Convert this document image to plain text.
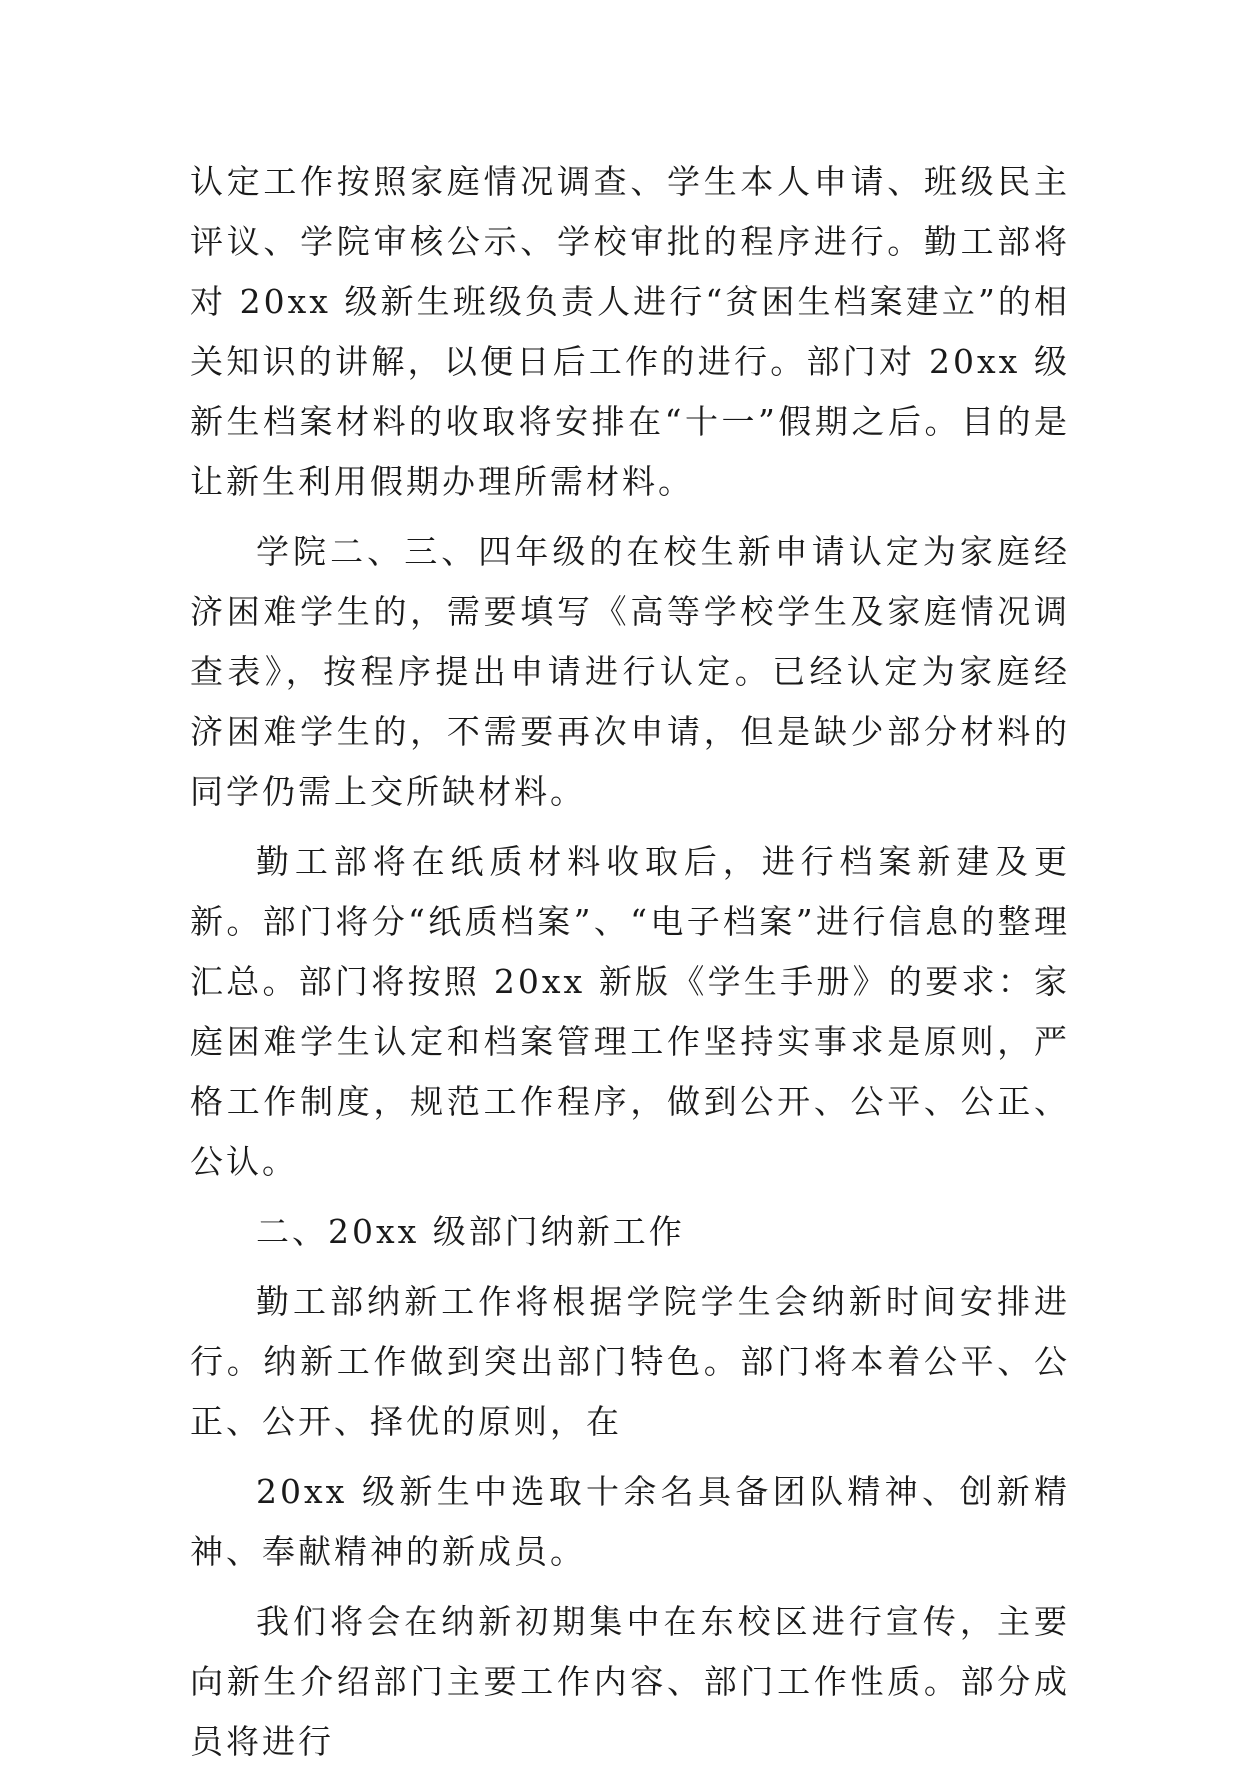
认定工作按照家庭情况调查、学生本人申请、班级民主评议、学院审核公示、学校审批的程序进行。勤工部将对 20xx 级新生班级负责人进行“贫困生档案建立”的相关知识的讲解，以便日后工作的进行。部门对 20xx 级新生档案材料的收取将安排在“十一”假期之后。目的是让新生利用假期办理所需材料。

学院二、三、四年级的在校生新申请认定为家庭经济困难学生的，需要填写《高等学校学生及家庭情况调查表》，按程序提出申请进行认定。已经认定为家庭经济困难学生的，不需要再次申请，但是缺少部分材料的同学仍需上交所缺材料。

勤工部将在纸质材料收取后，进行档案新建及更新。部门将分“纸质档案”、“电子档案”进行信息的整理汇总。部门将按照 20xx 新版《学生手册》的要求：家庭困难学生认定和档案管理工作坚持实事求是原则，严格工作制度，规范工作程序，做到公开、公平、公正、公认。

二、20xx 级部门纳新工作

勤工部纳新工作将根据学院学生会纳新时间安排进行。纳新工作做到突出部门特色。部门将本着公平、公正、公开、择优的原则，在

20xx 级新生中选取十余名具备团队精神、创新精神、奉献精神的新成员。

我们将会在纳新初期集中在东校区进行宣传，主要向新生介绍部门主要工作内容、部门工作性质。部分成员将进行
